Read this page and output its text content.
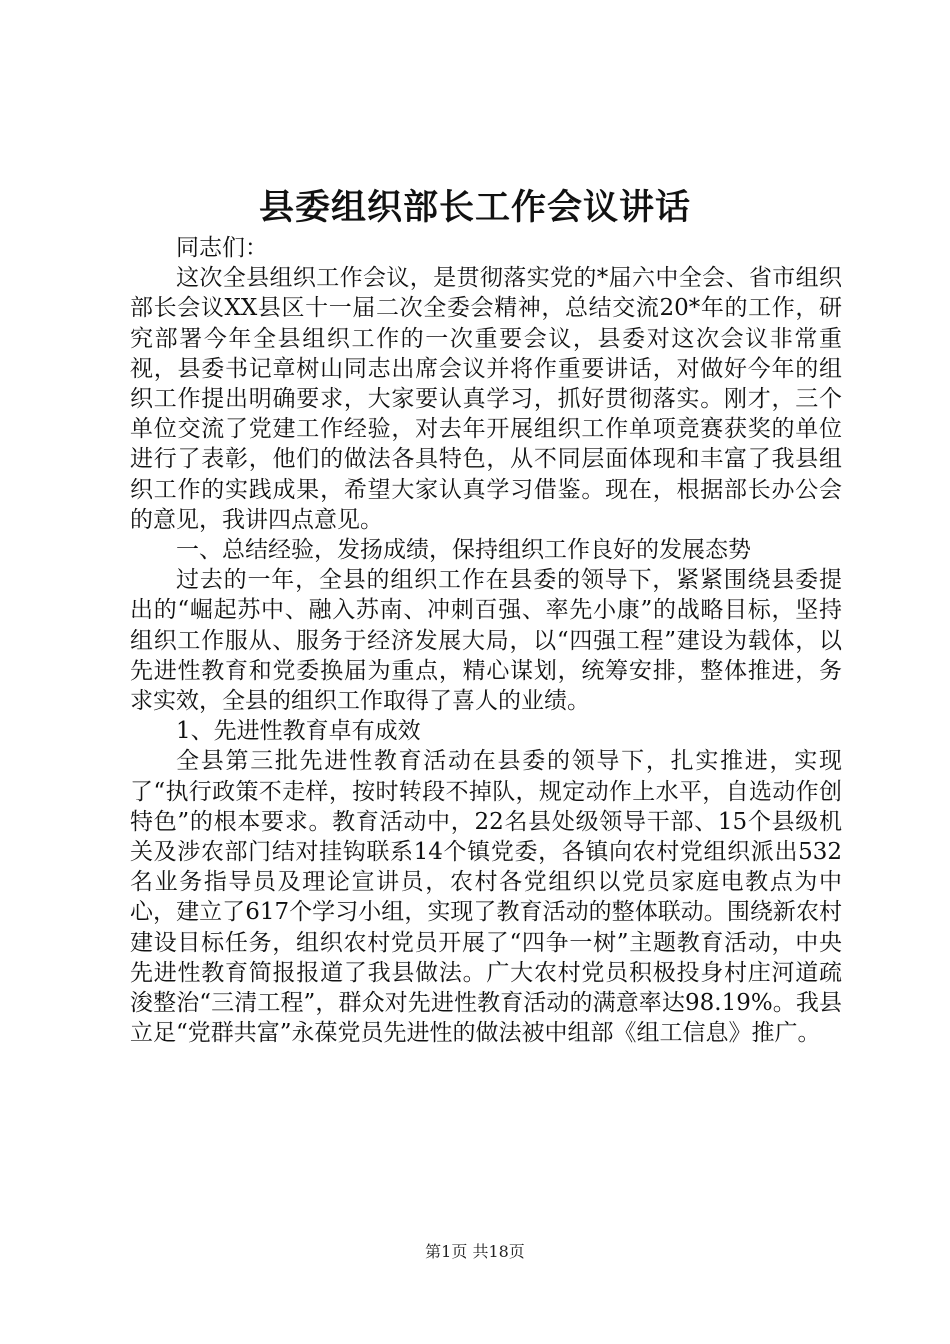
县委组织部长工作会议讲话

同志们：

这次全县组织工作会议，是贯彻落实党的*届六中全会、省市组织部长会议XX县区十一届二次全委会精神，总结交流20*年的工作，研究部署今年全县组织工作的一次重要会议，县委对这次会议非常重视，县委书记章树山同志出席会议并将作重要讲话，对做好今年的组织工作提出明确要求，大家要认真学习，抓好贯彻落实。刚才，三个单位交流了党建工作经验，对去年开展组织工作单项竞赛获奖的单位进行了表彰，他们的做法各具特色，从不同层面体现和丰富了我县组织工作的实践成果，希望大家认真学习借鉴。现在，根据部长办公会的意见，我讲四点意见。

一、总结经验，发扬成绩，保持组织工作良好的发展态势

过去的一年，全县的组织工作在县委的领导下，紧紧围绕县委提出的“崛起苏中、融入苏南、冲刺百强、率先小康”的战略目标，坚持组织工作服从、服务于经济发展大局，以“四强工程”建设为载体，以先进性教育和党委换届为重点，精心谋划，统筹安排，整体推进，务求实效，全县的组织工作取得了喜人的业绩。

1、先进性教育卓有成效

全县第三批先进性教育活动在县委的领导下，扎实推进，实现了“执行政策不走样，按时转段不掉队，规定动作上水平，自选动作创特色”的根本要求。教育活动中，22名县处级领导干部、15个县级机关及涉农部门结对挂钩联系14个镇党委，各镇向农村党组织派出532名业务指导员及理论宣讲员，农村各党组织以党员家庭电教点为中心，建立了617个学习小组，实现了教育活动的整体联动。围绕新农村建设目标任务，组织农村党员开展了“四争一树”主题教育活动，中央先进性教育简报报道了我县做法。广大农村党员积极投身村庄河道疏浚整治“三清工程”，群众对先进性教育活动的满意率达98.19%。我县立足“党群共富”永葆党员先进性的做法被中组部《组工信息》推广。

第1页 共18页
